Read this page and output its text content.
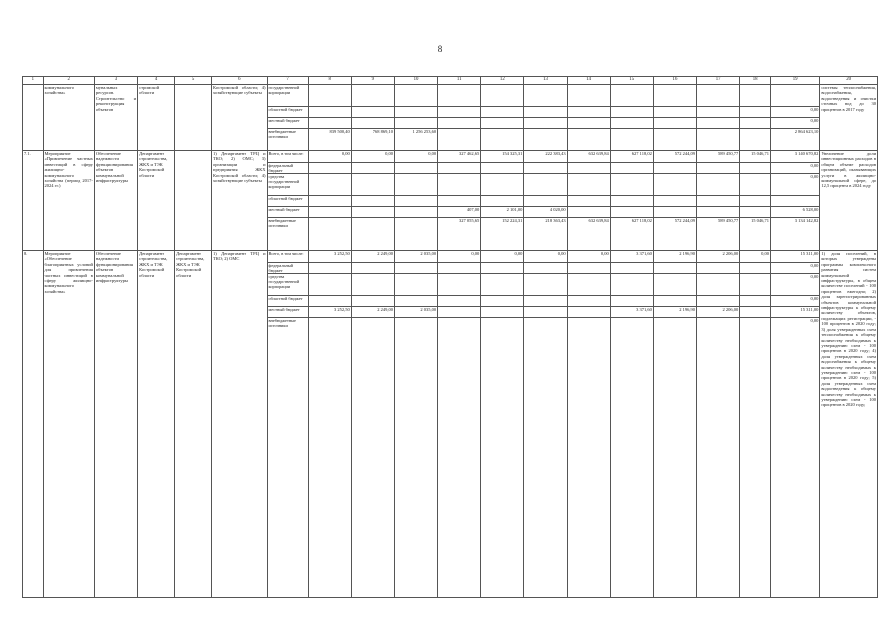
8
1	2	3	4	5	6	7	8	9	10	11	12	13	14	15	16	17	18	19	20
	коммунального хозяйства»	мунальных ресурсов. Строительство и реконструкция объектов	стромской области		Костромской области; 4) хозяйствующие субъекты	государственной корпорации													системы теплоснабжения, водоснабжения, водоотведения и очистки сточных вод до 30 процентов в 2017 году
						областной бюджет												0,00	
						местный бюджет												0,00	
						внебюджетные источники	839 500,40	768 869,10	1 256 253,60									2 864 623,10	
7.1.	Мероприятие «Привлечение частных инвестиций в сферу жилищно-коммунального хозяйства (период 2017-2024 гг.)	Обеспечение надежности функционирования объектов коммунальной инфраструктуры	Департамент строительства, ЖКХ и ТЭК Костромской области		1) Департамент ТРЦ и ТКО; 2) ОМС; 3) организации и предприятия ЖКХ Костромской области; 4) хозяйствующие субъекты	Всего, в том числе:	0,00	0,00	0,00	327 462,65	154 325,31	222 383,43	632 639,84	627 118,02	572 244,09	589 450,77	15 046,71	3 140 670,82	Увеличение доли инвестиционных расходов в общем объеме расходов организаций, оказывающих услуги в жилищно-коммунальной сфере, до 12,5 процента в 2024 году
						федеральный бюджет												0,00	
						средства государственной корпорации												0,00	
						областной бюджет													
						местный бюджет				407,00	2 101,00	4 020,00						6 528,00	
						внебюджетные источники				327 055,65	152 224,31	218 363,43	632 639,84	627 118,02	572 244,09	589 450,77	15 046,71	3 134 142,82	
8.	Мероприятие «Обеспечение благоприятных условий для привлечения частных инвестиций в сферу жилищно-коммунального хозяйства»	Обеспечение надежности функционирования объектов коммунальной инфраструктуры	Департамент строительства, ЖКХ и ТЭК Костромской области	Департамент строительства, ЖКХ и ТЭК Костромской области	1) Департамент ТРЦ и ТКО; 2) ОМС	Всего, в том числе:	3 252,50	2 249,00	2 035,00	0,00	0,00	0,00	0,00	3 371,60	2 196,90	2 206,00	0,00	15 311,00	1) доля поселений, в которых утверждены программы комплексного развития систем коммунальной инфраструктуры, в общем количестве поселений - 100 процентов ежегодно; 2) доля зарегистрированных объектов коммунальной инфраструктуры к общему количеству объектов, подлежащих регистрации, - 100 процентов в 2020 году; 3) доля утвержденных схем теплоснабжения к общему количеству необходимых к утверждению схем - 100 процентов в 2020 году; 4) доля утвержденных схем водоснабжения к общему количеству необходимых к утверждению схем - 100 процентов в 2020 году; 5) доля утвержденных схем водоотведения к общему количеству необходимых к утверждению схем - 100 процентов в 2020 году;
						федеральный бюджет												0,00	
						средства государственной корпорации												0,00	
						областной бюджет												0,00	
						местный бюджет	3 252,50	2 249,00	2 035,00					3 371,60	2 196,90	2 206,00		15 311,00	
						внебюджетные источники												0,00	
